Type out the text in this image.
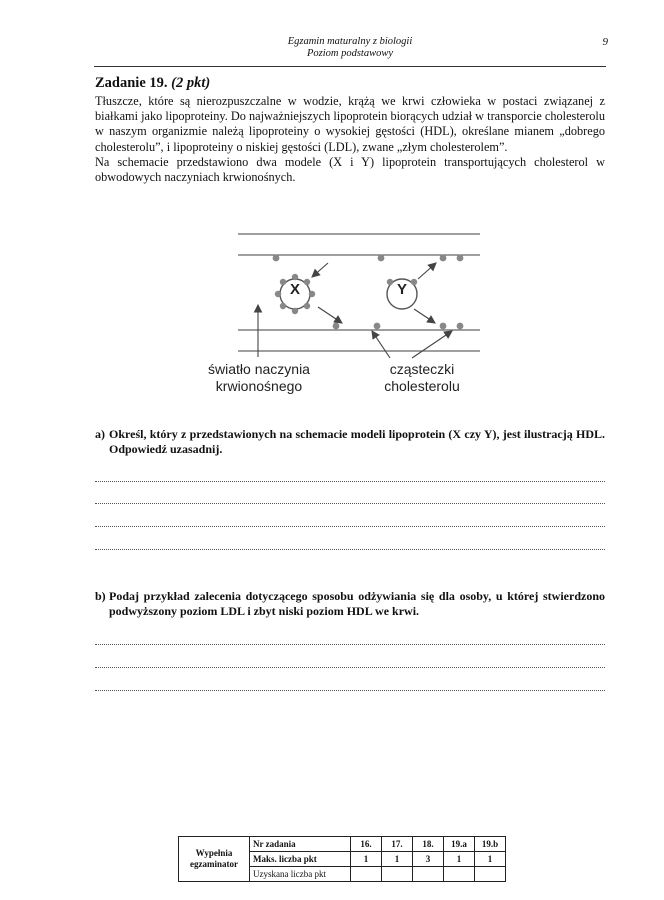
Egzamin maturalny z biologii
Poziom podstawowy
9
Zadanie 19. (2 pkt)

Tłuszcze, które są nierozpuszczalne w wodzie, krążą we krwi człowieka w postaci związanej z białkami jako lipoproteiny. Do najważniejszych lipoprotein biorących udział w transporcie cholesterolu w naszym organizmie należą lipoproteiny o wysokiej gęstości (HDL), określane mianem „dobrego cholesterolu”, i lipoproteiny o niskiej gęstości (LDL), zwane „złym cholesterolem”.

Na schemacie przedstawiono dwa modele (X i Y) lipoprotein transportujących cholesterol w obwodowych naczyniach krwionośnych.

X	Y
światło naczynia krwionośnego
cząsteczki cholesterolu
a) Określ, który z przedstawionych na schemacie modeli lipoprotein (X czy Y), jest ilustracją HDL. Odpowiedź uzasadnij.
b) Podaj przykład zalecenia dotyczącego sposobu odżywiania się dla osoby, u której stwierdzono podwyższony poziom LDL i zbyt niski poziom HDL we krwi.
Wypełnia egzaminator	Nr zadania	16.	17.	18.	19.a	19.b
	Maks. liczba pkt	1	1	3	1	1
	Uzyskana liczba pkt					
